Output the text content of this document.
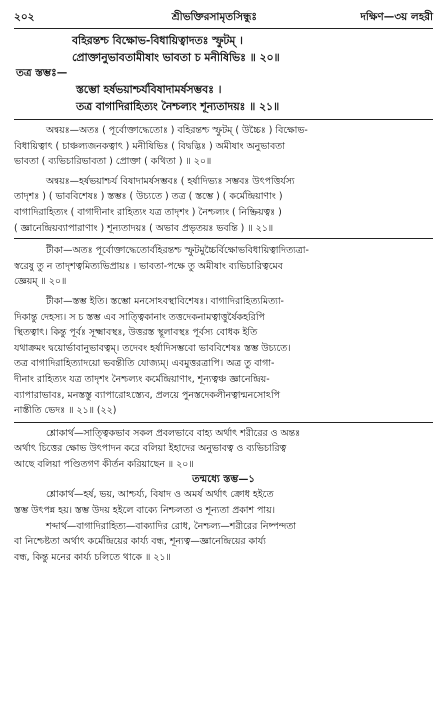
২০২	শ্রীভক্তিরসামৃতসিন্ধুঃ	দক্ষিণ—৩য় লহরী
বহিরন্তশ্চ বিক্ষোভ-বিধায়িত্বাদতঃ স্ফুটম্‌ ।
প্রোক্তানুভাবতামীষাং ভাবতা চ মনীষিভিঃ ॥ ২০॥
তত্র স্তম্ভঃ—
স্তম্ভো হর্ষভয়াশ্চর্যবিষাদামর্ষসম্ভবঃ ।
তত্র বাগাদিরাহিত্যং নৈশ্চল্যং শূন্যতাদয়ঃ ॥ ২১॥
অন্বয়ঃ—অতঃ ( পূর্বোক্তাদ্ধেতোঃ ) বহিরন্তশ্চ স্ফুটম্‌ ( উচ্চৈঃ ) বিক্ষোভ-
বিধায়িত্বাৎ ( চাঞ্চল্যজনকত্বাৎ ) মনীষিভিঃ ( বিদ্বদ্ভিঃ ) অমীষাং অনুভাবতা
ভাবতা ( ব্যভিচারিভাবতা ) প্রোক্তা ( কথিতা ) ॥ ২০॥
অন্বয়ঃ—হর্ষভয়াশ্চর্য বিষাদামর্ষসম্ভবঃ ( হর্ষাদিভ্যঃ সম্ভবঃ উৎপত্তির্যস্য
তাদৃশঃ ) ( ভাববিশেষঃ ) স্তম্ভঃ ( উচ্যতে ) তত্র ( স্তম্ভে ) ( কর্মেন্দ্রিয়াণাং )
বাগাদিরাহিত্যং ( বাগাদীনাং রাহিত্যং যত্র তাদৃশং ) নৈশ্চল্যং ( নিষ্ক্রিয়ত্বঃ )
( জ্ঞানেন্দ্রিয়ব্যাপারাণাং ) শূন্যতাদয়ঃ ( অভাব প্রভৃতয়ঃ ভবন্তি ) ॥ ২১॥
টীকা—অতঃ পূর্বোক্তাদ্ধেতোর্বহিরন্তশ্চ স্ফুটমুচ্চৈর্বিক্ষোভবিধায়িত্বাদিত্যত্রা-
স্বরেষু তু ন তাদৃশত্বমিত্যভিপ্রায়ঃ । ভাবতা-পক্ষে তু অমীষাং ব্যভিচারিত্বমেব
জ্ঞেয়ম্‌ ॥ ২০॥
টীকা—স্তম্ভ ইতি। স্তম্ভো মনসোঽবস্থাবিশেষঃ। বাগাদিরাহিত্যমিত্যা-
দিকান্তু দেহস্য। স চ স্তম্ভ এব সাত্ত্বিকানাং তত্তদেকনামত্বাত্তুর্ষৈকহরিপি
স্থিতত্বাৎ। কিন্তু পূর্বঃ সূক্ষ্মাবস্থঃ, উত্তরস্ত স্থূলাবস্থঃ পূর্বস্য বোধক ইতি
যথাক্রমং দ্বয়োর্ভাবানুভাবত্বম্‌। তদেবং হর্ষাদিসম্ভবো ভাববিশেষঃ স্তম্ভ উচ্যতে।
তত্র বাগাদিরাহিত্যাদয়ো ভবন্তীতি যোজ্যম্‌। এবমুত্তরত্রাপি। অত্র তু বাগা-
দীনাং রাহিত্যং যত্র তাদৃশং নৈশ্চল্যং কর্মেন্দ্রিয়াণাং, শূন্যত্বঞ্চ জ্ঞানেন্দ্রিয়-
ব্যাপারাভাবঃ, মনস্তস্তু ব্যাপারোঽস্ত্যেব, প্রলয়ে পুনস্তদেকলীনত্বান্মনসোঽপি
নাস্তীতি ভেদঃ ॥ ২১॥ (২২)
শ্লোকার্থ—সাত্ত্বিকভাব সকল প্রবলভাবে বাহ্য অর্থাৎ শরীরের ও অন্তঃ
অর্থাৎ চিত্তের ক্ষোভ উৎপাদন করে বলিয়া ইহাদের অনুভাবত্ব ও ব্যভিচারিত্ব
আছে বলিয়া পণ্ডিতগণ কীর্তন করিয়াছেন ॥ ২০॥
তন্মধ্যে স্তম্ভ—১
শ্লোকার্থ—হর্ষ, ভয়, আশ্চর্য্য, বিষাদ ও অমর্ষ অর্থাৎ ক্রোধ হইতে
স্তম্ভ উৎপন্ন হয়। স্তম্ভ উদয় হইলে বাক্যে নিশ্চলতা ও শূন্যতা প্রকাশ পায়।
শব্দার্থ—বাগাদিরাহিত্য—বাক্যাদির রোধ, নৈশ্চল্য—শরীরের নিষ্পন্দতা
বা নিশ্চেষ্টতা অর্থাৎ কর্মেন্দ্রিয়ের কার্য্য বন্ধ, শূন্যত্ব—জ্ঞানেন্দ্রিয়ের কার্য্য
বন্ধ, কিন্তু মনের কার্য্য চলিতে থাকে ॥ ২১॥
